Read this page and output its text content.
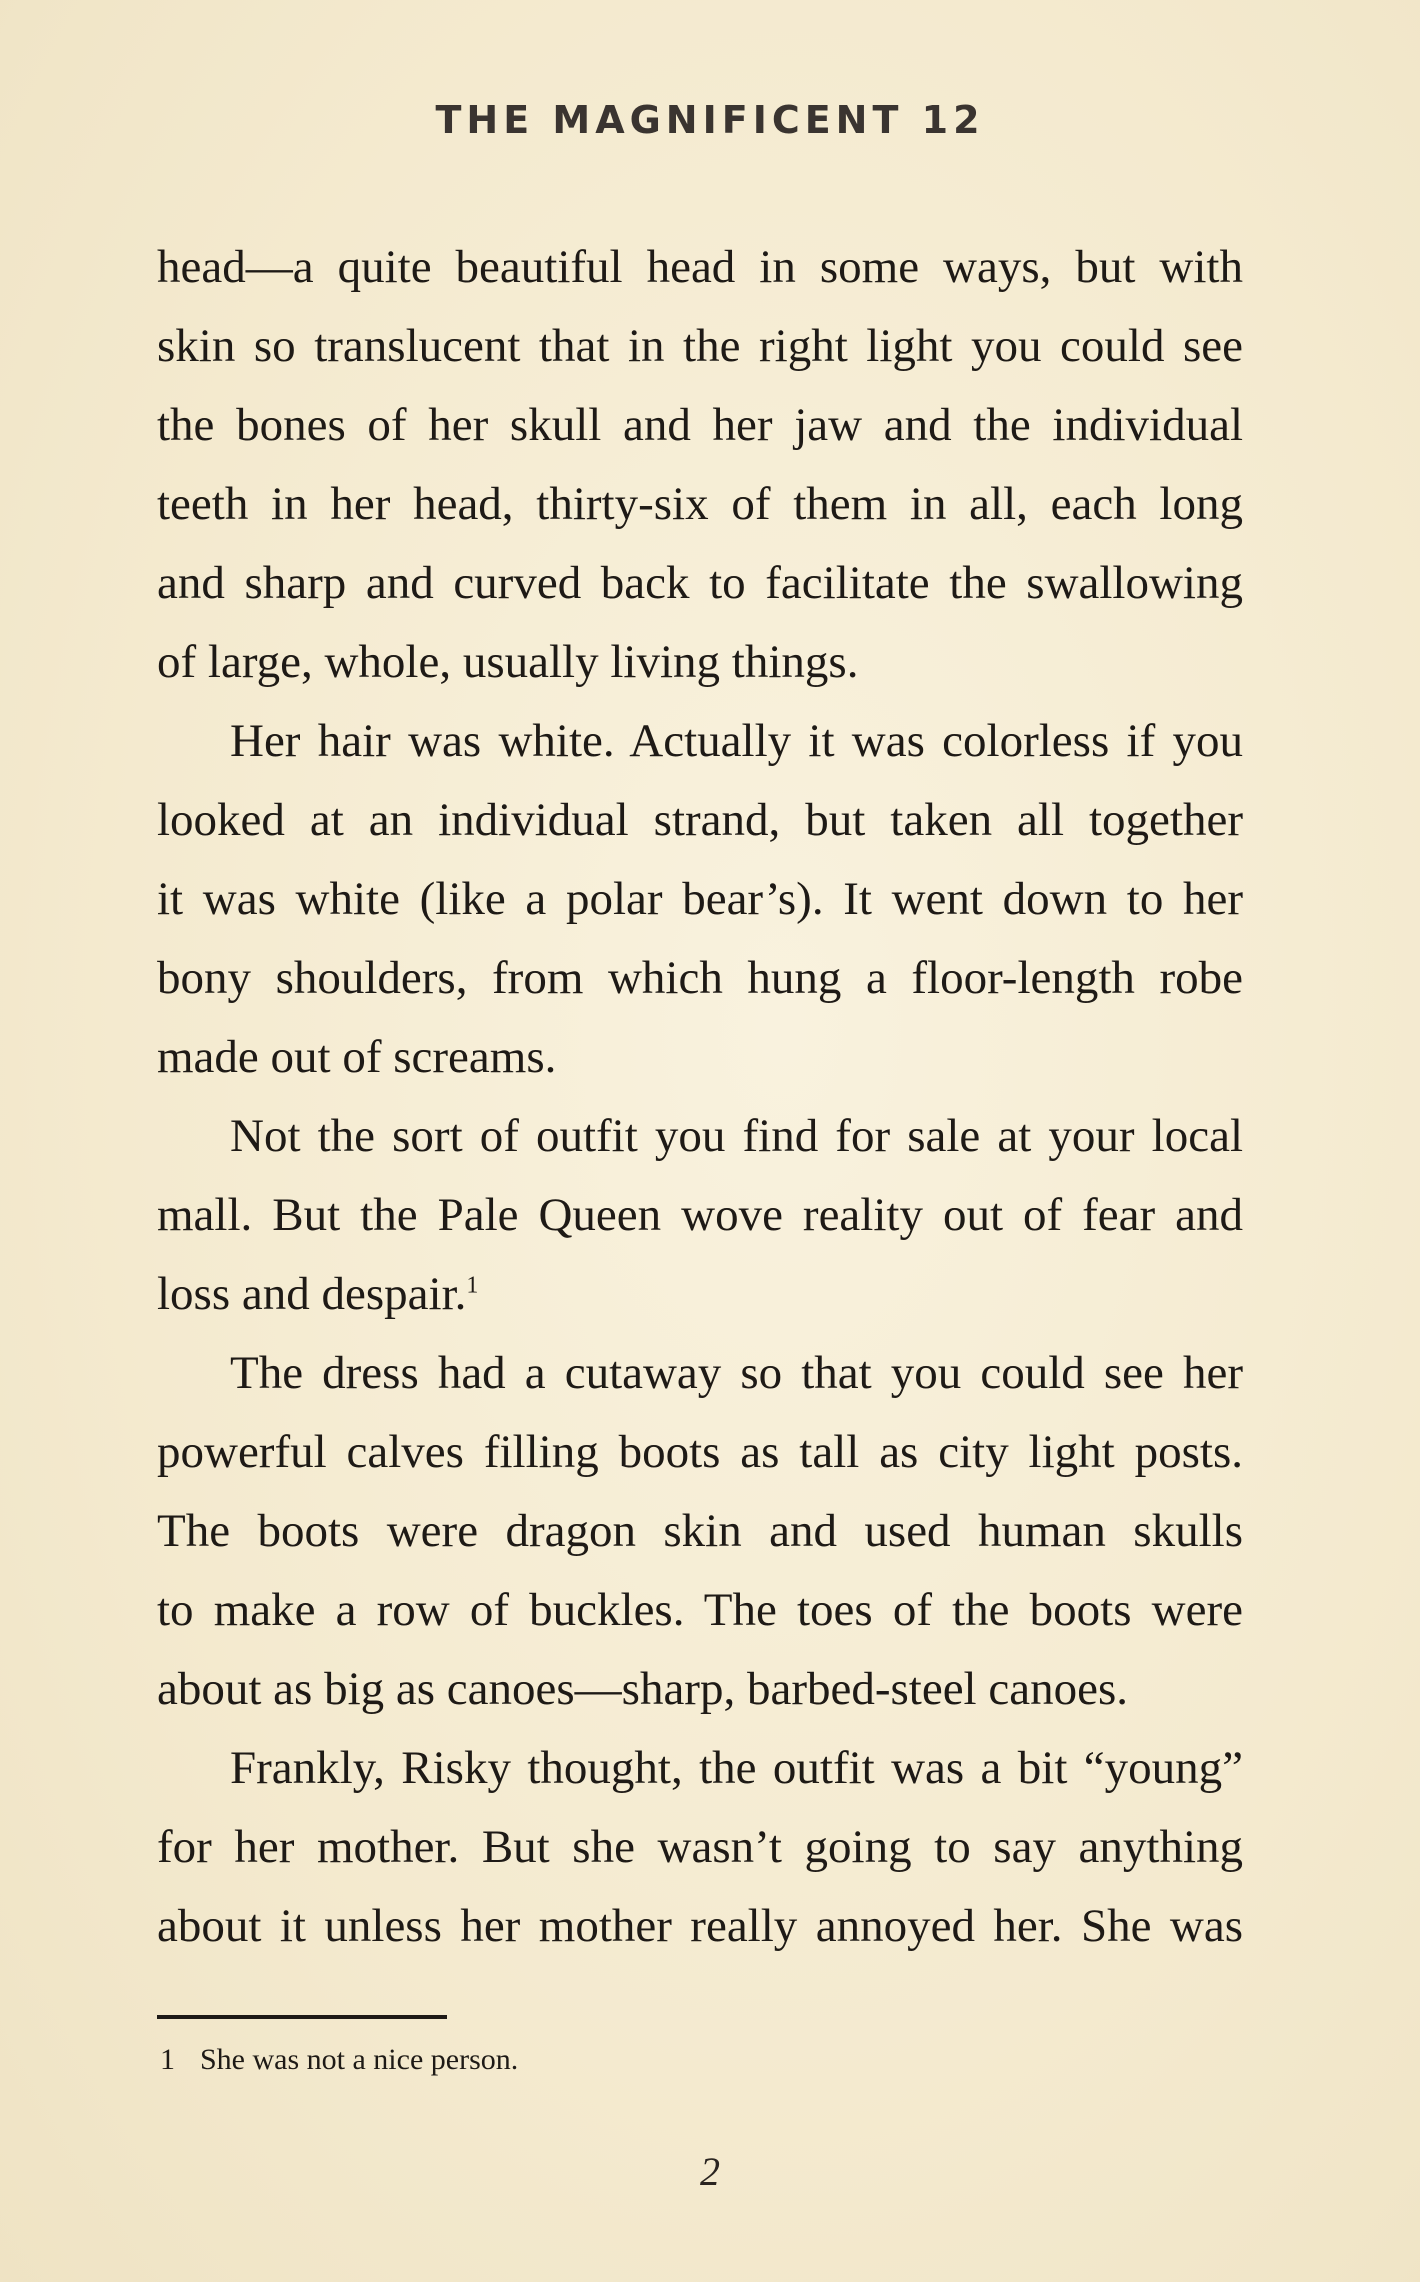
THE MAGNIFICENT 12
head—a quite beautiful head in some ways, but with
skin so translucent that in the right light you could see
the bones of her skull and her jaw and the individual
teeth in her head, thirty-six of them in all, each long
and sharp and curved back to facilitate the swallowing
of large, whole, usually living things.
Her hair was white. Actually it was colorless if you
looked at an individual strand, but taken all together
it was white (like a polar bear’s). It went down to her
bony shoulders, from which hung a floor-length robe
made out of screams.
Not the sort of outfit you find for sale at your local
mall. But the Pale Queen wove reality out of fear and
loss and despair.$^1$
The dress had a cutaway so that you could see her
powerful calves filling boots as tall as city light posts.
The boots were dragon skin and used human skulls
to make a row of buckles. The toes of the boots were
about as big as canoes—sharp, barbed-steel canoes.
Frankly, Risky thought, the outfit was a bit “young”
for her mother. But she wasn’t going to say anything
about it unless her mother really annoyed her. She was
1 She was not a nice person.
2
